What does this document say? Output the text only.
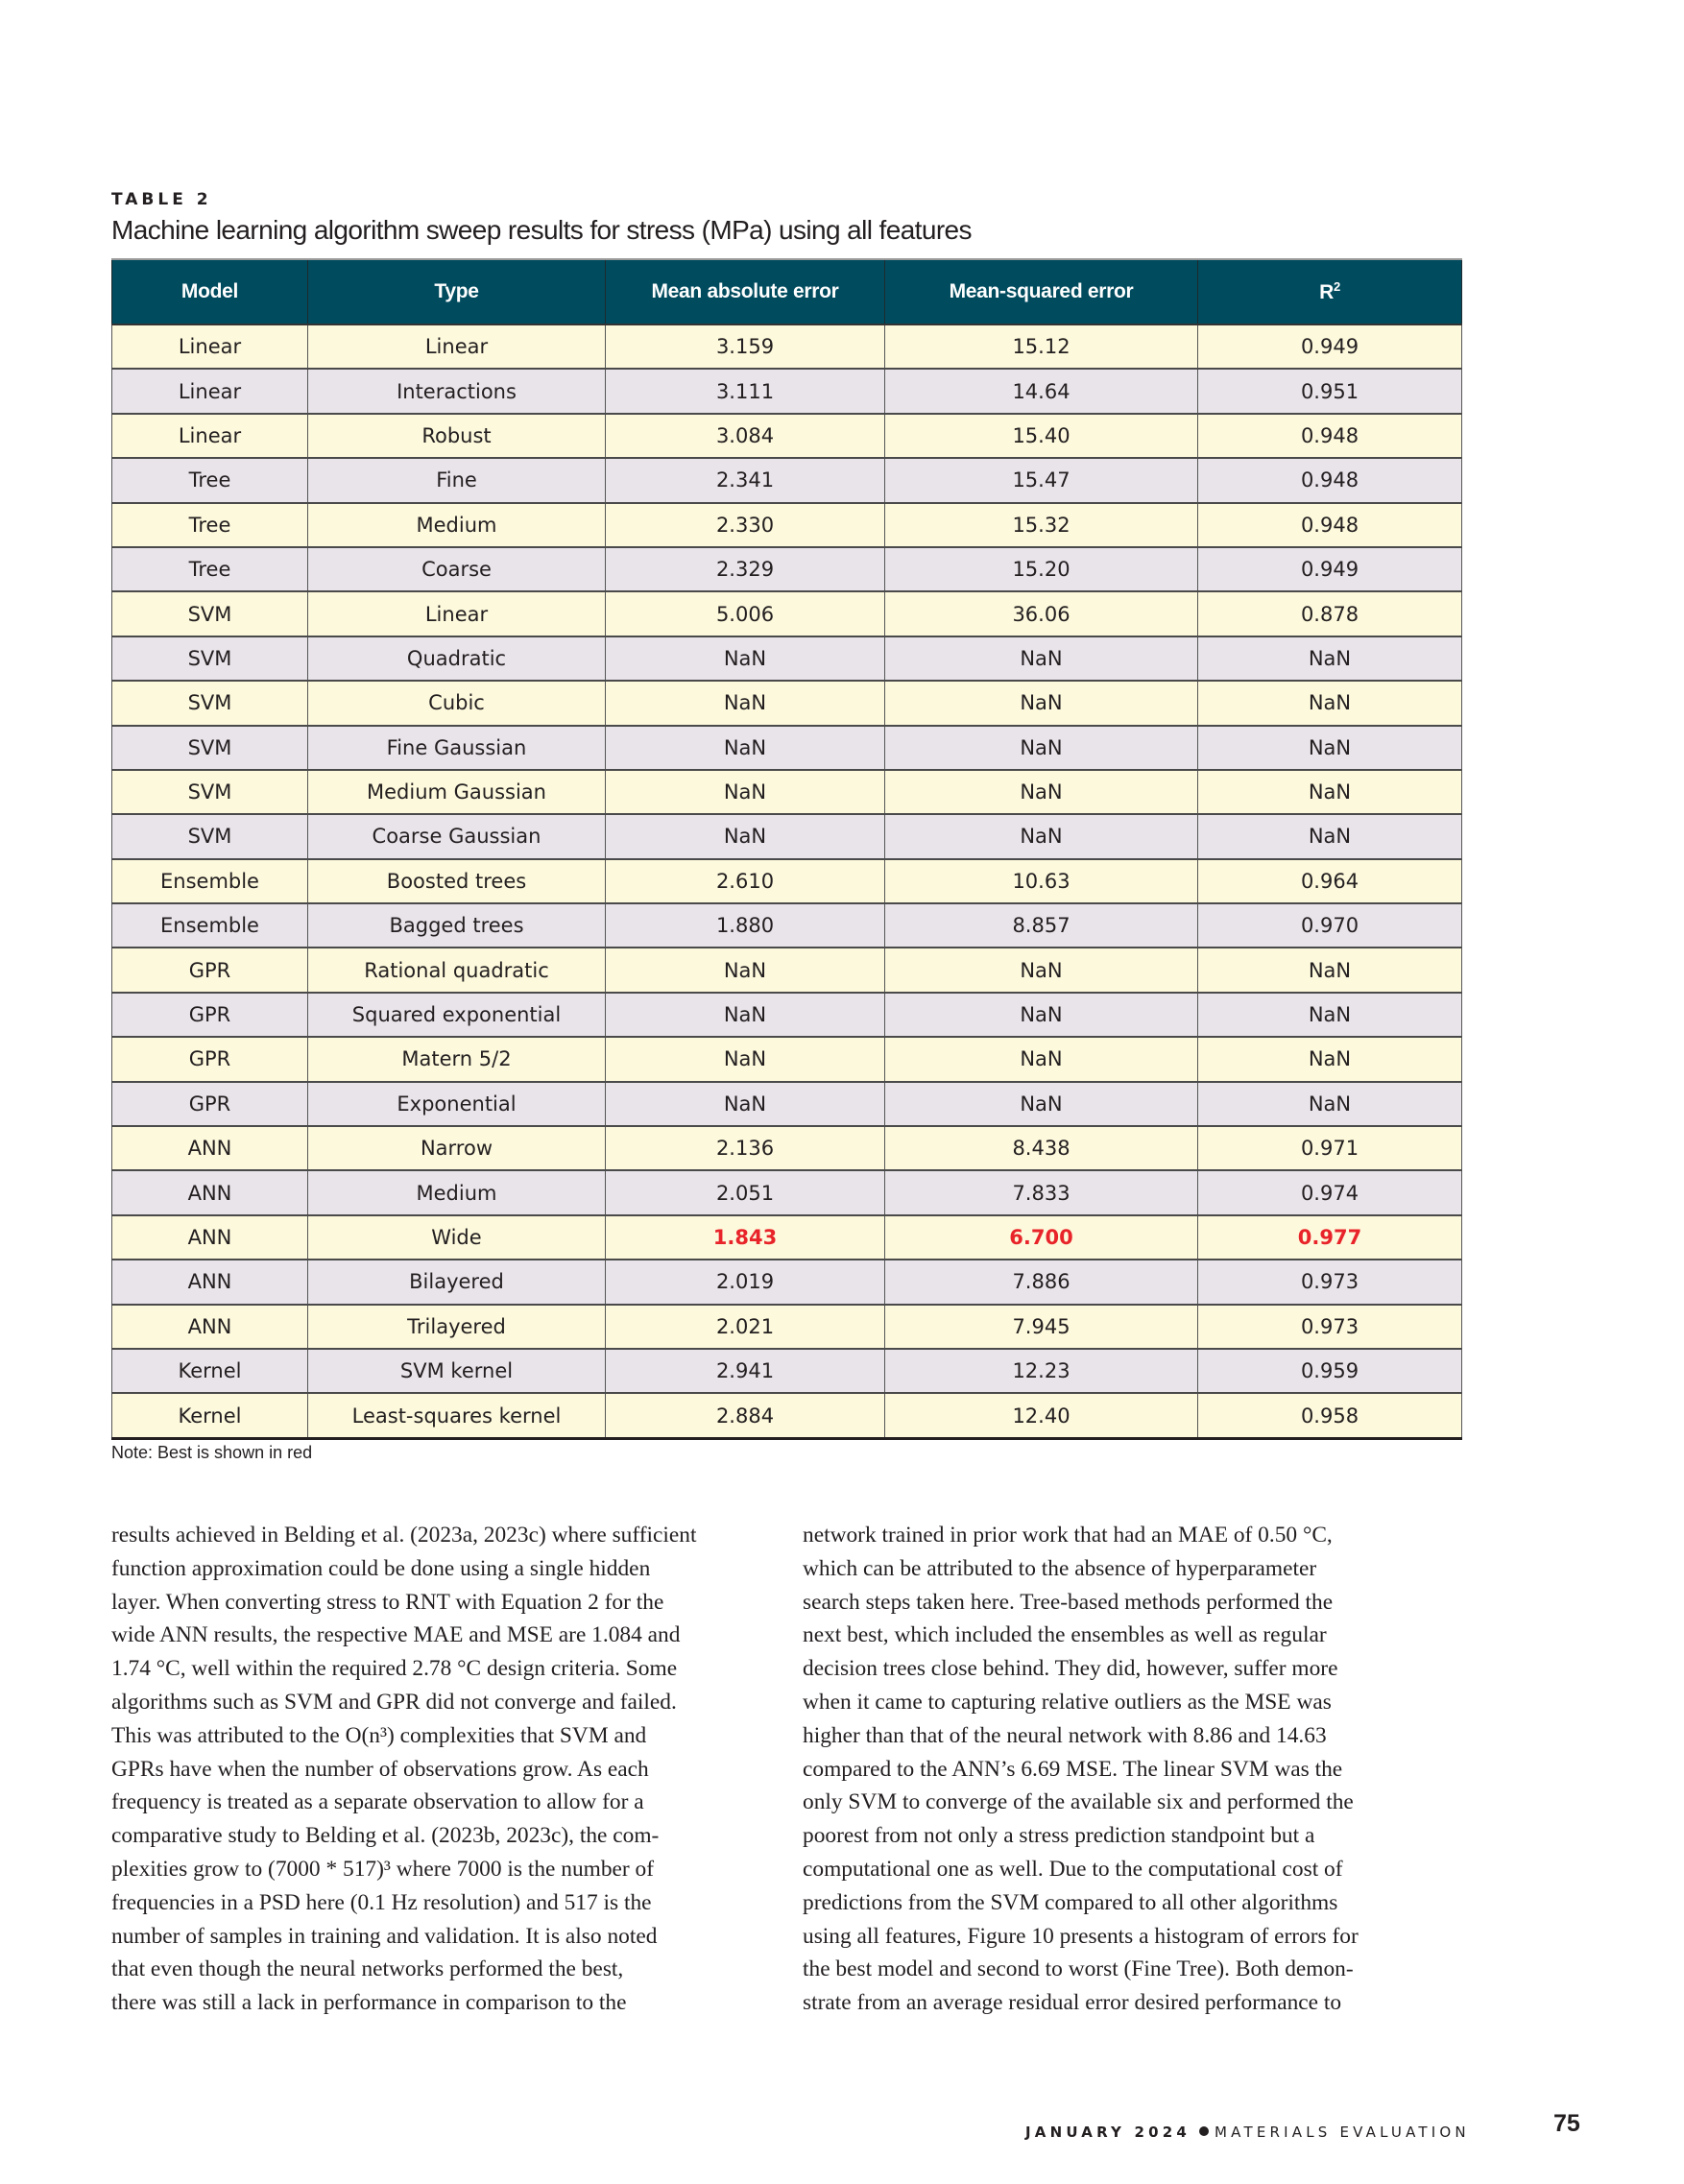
TABLE 2
Machine learning algorithm sweep results for stress (MPa) using all features
Model	Type	Mean absolute error	Mean-squared error	$R^2$
Linear	Linear	3.159	15.12	0.949
Linear	Interactions	3.111	14.64	0.951
Linear	Robust	3.084	15.40	0.948
Tree	Fine	2.341	15.47	0.948
Tree	Medium	2.330	15.32	0.948
Tree	Coarse	2.329	15.20	0.949
SVM	Linear	5.006	36.06	0.878
SVM	Quadratic	NaN	NaN	NaN
SVM	Cubic	NaN	NaN	NaN
SVM	Fine Gaussian	NaN	NaN	NaN
SVM	Medium Gaussian	NaN	NaN	NaN
SVM	Coarse Gaussian	NaN	NaN	NaN
Ensemble	Boosted trees	2.610	10.63	0.964
Ensemble	Bagged trees	1.880	8.857	0.970
GPR	Rational quadratic	NaN	NaN	NaN
GPR	Squared exponential	NaN	NaN	NaN
GPR	Matern 5/2	NaN	NaN	NaN
GPR	Exponential	NaN	NaN	NaN
ANN	Narrow	2.136	8.438	0.971
ANN	Medium	2.051	7.833	0.974
ANN	Wide	1.843	6.700	0.977
ANN	Bilayered	2.019	7.886	0.973
ANN	Trilayered	2.021	7.945	0.973
Kernel	SVM kernel	2.941	12.23	0.959
Kernel	Least-squares kernel	2.884	12.40	0.958
Note: Best is shown in red

results achieved in Belding et al. (2023a, 2023c) where sufficient
function approximation could be done using a single hidden
layer. When converting stress to RNT with Equation 2 for the
wide ANN results, the respective MAE and MSE are 1.084 and
1.74 °C, well within the required 2.78 °C design criteria. Some
algorithms such as SVM and GPR did not converge and failed.
This was attributed to the O(n³) complexities that SVM and
GPRs have when the number of observations grow. As each
frequency is treated as a separate observation to allow for a
comparative study to Belding et al. (2023b, 2023c), the com-
plexities grow to (7000 * 517)³ where 7000 is the number of
frequencies in a PSD here (0.1 Hz resolution) and 517 is the
number of samples in training and validation. It is also noted
that even though the neural networks performed the best,
there was still a lack in performance in comparison to the

network trained in prior work that had an MAE of 0.50 °C,
which can be attributed to the absence of hyperparameter
search steps taken here. Tree-based methods performed the
next best, which included the ensembles as well as regular
decision trees close behind. They did, however, suffer more
when it came to capturing relative outliers as the MSE was
higher than that of the neural network with 8.86 and 14.63
compared to the ANN’s 6.69 MSE. The linear SVM was the
only SVM to converge of the available six and performed the
poorest from not only a stress prediction standpoint but a
computational one as well. Due to the computational cost of
predictions from the SVM compared to all other algorithms
using all features, Figure 10 presents a histogram of errors for
the best model and second to worst (Fine Tree). Both demon-
strate from an average residual error desired performance to

JANUARY 2024 MATERIALS EVALUATION	75
